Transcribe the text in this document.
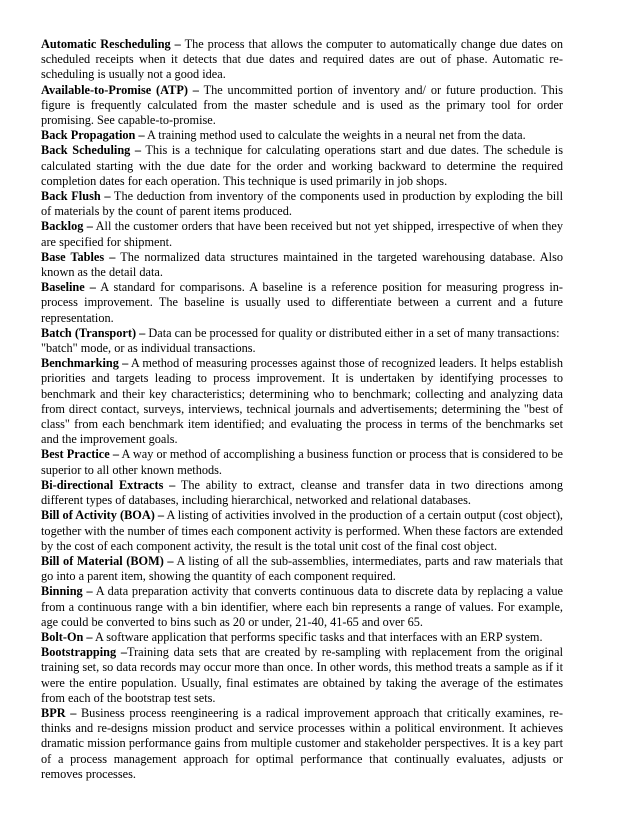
Automatic Rescheduling – The process that allows the computer to automatically change due dates on scheduled receipts when it detects that due dates and required dates are out of phase. Automatic re-scheduling is usually not a good idea.

Available-to-Promise (ATP) – The uncommitted portion of inventory and/ or future production. This figure is frequently calculated from the master schedule and is used as the primary tool for order promising. See capable-to-promise.

Back Propagation – A training method used to calculate the weights in a neural net from the data.

Back Scheduling – This is a technique for calculating operations start and due dates. The schedule is calculated starting with the due date for the order and working backward to determine the required completion dates for each operation. This technique is used primarily in job shops.

Back Flush – The deduction from inventory of the components used in production by exploding the bill of materials by the count of parent items produced.

Backlog – All the customer orders that have been received but not yet shipped, irrespective of when they are specified for shipment.

Base Tables – The normalized data structures maintained in the targeted warehousing database. Also known as the detail data.

Baseline – A standard for comparisons. A baseline is a reference position for measuring progress in-process improvement. The baseline is usually used to differentiate between a current and a future representation.

Batch (Transport) – Data can be processed for quality or distributed either in a set of many transactions:

"batch" mode, or as individual transactions.

Benchmarking – A method of measuring processes against those of recognized leaders. It helps establish priorities and targets leading to process improvement. It is undertaken by identifying processes to benchmark and their key characteristics; determining who to benchmark; collecting and analyzing data from direct contact, surveys, interviews, technical journals and advertisements; determining the "best of class" from each benchmark item identified; and evaluating the process in terms of the benchmarks set and the improvement goals.

Best Practice – A way or method of accomplishing a business function or process that is considered to be superior to all other known methods.

Bi-directional Extracts – The ability to extract, cleanse and transfer data in two directions among different types of databases, including hierarchical, networked and relational databases.

Bill of Activity (BOA) – A listing of activities involved in the production of a certain output (cost object), together with the number of times each component activity is performed. When these factors are extended by the cost of each component activity, the result is the total unit cost of the final cost object.

Bill of Material (BOM) – A listing of all the sub-assemblies, intermediates, parts and raw materials that go into a parent item, showing the quantity of each component required.

Binning – A data preparation activity that converts continuous data to discrete data by replacing a value from a continuous range with a bin identifier, where each bin represents a range of values. For example, age could be converted to bins such as 20 or under, 21-40, 41-65 and over 65.

Bolt-On – A software application that performs specific tasks and that interfaces with an ERP system.

Bootstrapping –Training data sets that are created by re-sampling with replacement from the original training set, so data records may occur more than once. In other words, this method treats a sample as if it were the entire population. Usually, final estimates are obtained by taking the average of the estimates from each of the bootstrap test sets.

BPR – Business process reengineering is a radical improvement approach that critically examines, re-thinks and re-designs mission product and service processes within a political environment. It achieves dramatic mission performance gains from multiple customer and stakeholder perspectives. It is a key part of a process management approach for optimal performance that continually evaluates, adjusts or removes processes.
